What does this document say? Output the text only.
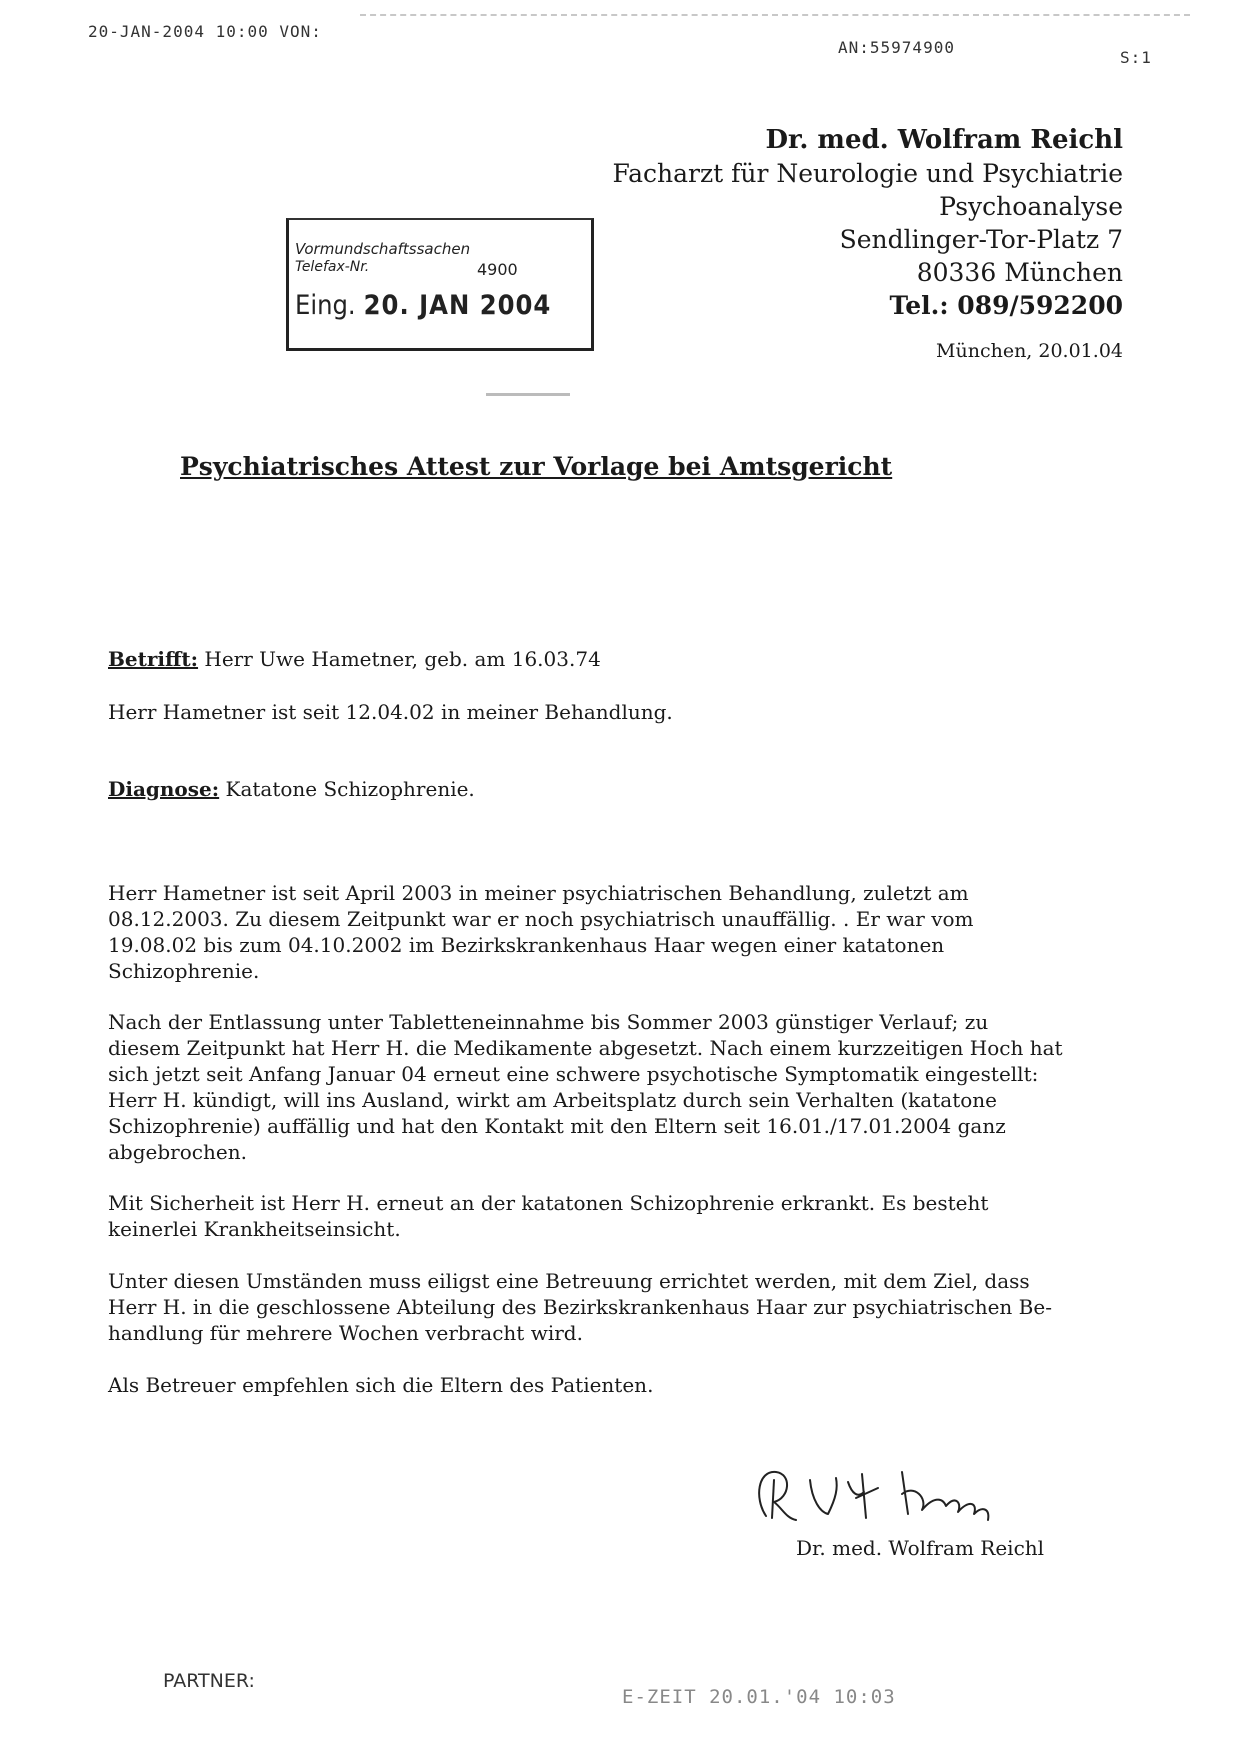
20-JAN-2004 10:00 VON:
AN:55974900
S:1
Dr. med. Wolfram Reichl
Facharzt für Neurologie und Psychiatrie
Psychoanalyse
Sendlinger-Tor-Platz 7
80336 München
Tel.: 089/592200
München, 20.01.04
Vormundschaftssachen
Telefax-Nr.	4900
Eing. 20. JAN 2004
Psychiatrisches Attest zur Vorlage bei Amtsgericht
Betrifft: Herr Uwe Hametner, geb. am 16.03.74
Herr Hametner ist seit 12.04.02 in meiner Behandlung.
Diagnose: Katatone Schizophrenie.
Herr Hametner ist seit April 2003 in meiner psychiatrischen Behandlung, zuletzt am
08.12.2003. Zu diesem Zeitpunkt war er noch psychiatrisch unauffällig. . Er war vom
19.08.02 bis zum 04.10.2002 im Bezirkskrankenhaus Haar wegen einer katatonen
Schizophrenie.
Nach der Entlassung unter Tabletteneinnahme bis Sommer 2003 günstiger Verlauf; zu
diesem Zeitpunkt hat Herr H. die Medikamente abgesetzt. Nach einem kurzzeitigen Hoch hat
sich jetzt seit Anfang Januar 04 erneut eine schwere psychotische Symptomatik eingestellt:
Herr H. kündigt, will ins Ausland, wirkt am Arbeitsplatz durch sein Verhalten (katatone
Schizophrenie) auffällig und hat den Kontakt mit den Eltern seit 16.01./17.01.2004 ganz
abgebrochen.
Mit Sicherheit ist Herr H. erneut an der katatonen Schizophrenie erkrankt. Es besteht
keinerlei Krankheitseinsicht.
Unter diesen Umständen muss eiligst eine Betreuung errichtet werden, mit dem Ziel, dass
Herr H. in die geschlossene Abteilung des Bezirkskrankenhaus Haar zur psychiatrischen Be-
handlung für mehrere Wochen verbracht wird.
Als Betreuer empfehlen sich die Eltern des Patienten.
Dr. med. Wolfram Reichl
PARTNER:
E-ZEIT 20.01.'04 10:03
